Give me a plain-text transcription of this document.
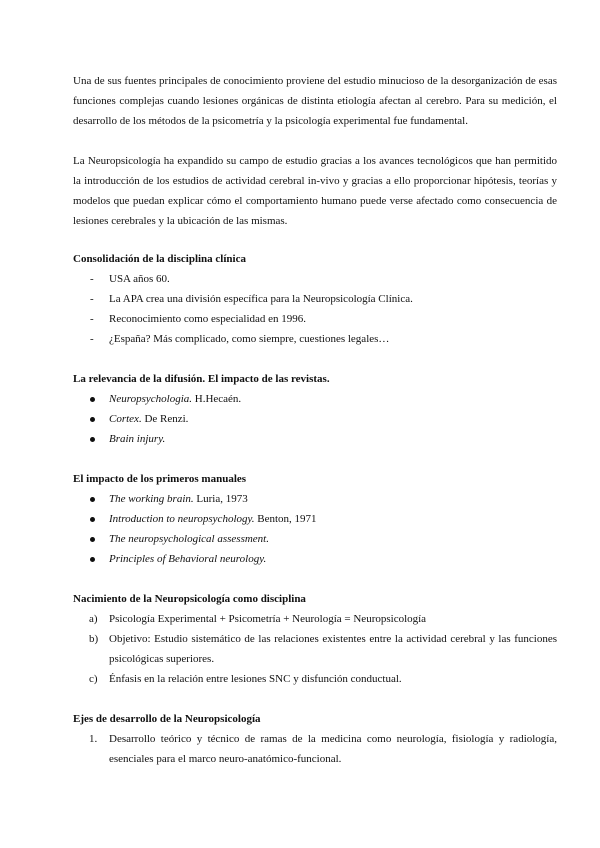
Una de sus fuentes principales de conocimiento proviene del estudio minucioso de la desorganización de esas funciones complejas cuando lesiones orgánicas de distinta etiología afectan al cerebro. Para su medición, el desarrollo de los métodos de la psicometría y la psicología experimental fue fundamental.

La Neuropsicología ha expandido su campo de estudio gracias a los avances tecnológicos que han permitido la introducción de los estudios de actividad cerebral in-vivo y gracias a ello proporcionar hipótesis, teorías y modelos que puedan explicar cómo el comportamiento humano puede verse afectado como consecuencia de lesiones cerebrales y la ubicación de las mismas.

Consolidación de la disciplina clínica

- USA años 60.
- La APA crea una división específica para la Neuropsicología Clínica.
- Reconocimiento como especialidad en 1996.
- ¿España? Más complicado, como siempre, cuestiones legales…

La relevancia de la difusión. El impacto de las revistas.

Neuropsychologia. H.Hecaén.
Cortex. De Renzi.
Brain injury.

El impacto de los primeros manuales

The working brain. Luria, 1973
Introduction to neuropsychology. Benton, 1971
The neuropsychological assessment.
Principles of Behavioral neurology.

Nacimiento de la Neuropsicología como disciplina

a) Psicología Experimental + Psicometría + Neurología = Neuropsicología
b) Objetivo: Estudio sistemático de las relaciones existentes entre la actividad cerebral y las funciones psicológicas superiores.
c) Énfasis en la relación entre lesiones SNC y disfunción conductual.

Ejes de desarrollo de la Neuropsicología

1. Desarrollo teórico y técnico de ramas de la medicina como neurología, fisiología y radiología, esenciales para el marco neuro-anatómico-funcional.
